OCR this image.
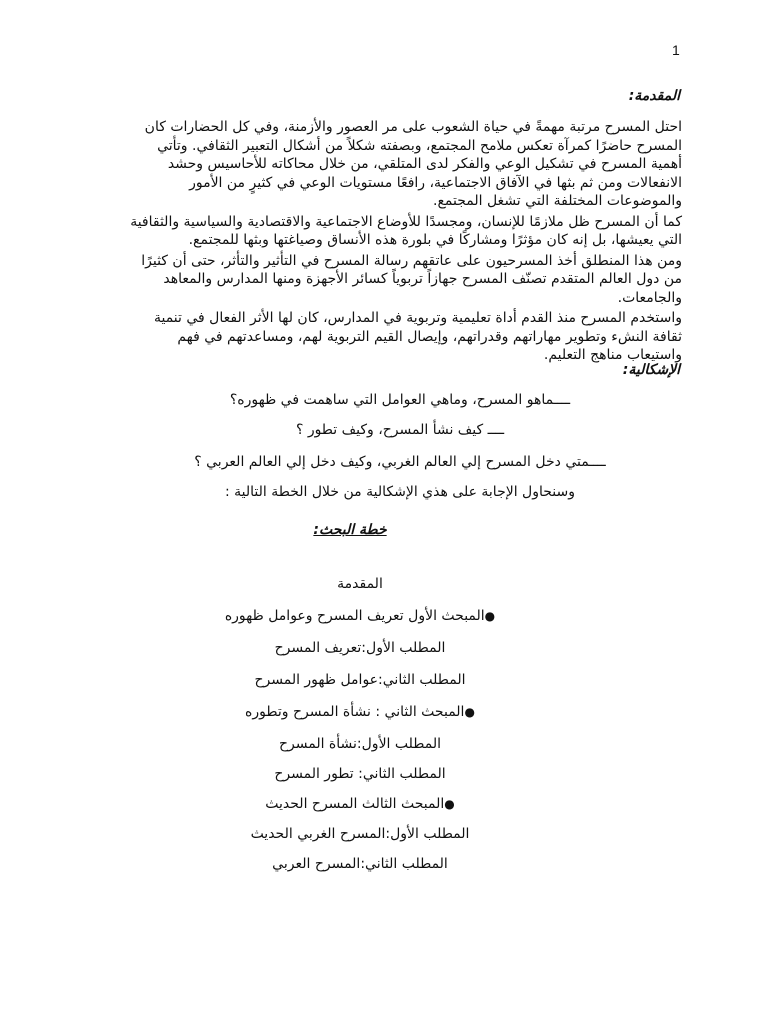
1
المقدمة:

احتل المسرح مرتبة مهمةً في حياة الشعوب على مر العصور والأزمنة، وفي كل الحضارات كان المسرح حاضرًا كمرآة تعكس ملامح المجتمع، وبصفته شكلاً من أشكال التعبير الثقافي. وتأتي أهمية المسرح في تشكيل الوعي والفكر لدى المتلقي، من خلال محاكاته للأحاسيس وحشد الانفعالات ومن ثم بثها في الآفاق الاجتماعية، رافعًا مستويات الوعي في كثيرٍ من الأمور والموضوعات المختلفة التي تشغل المجتمع.

كما أن المسرح ظل ملازمًا للإنسان، ومجسدًا للأوضاع الاجتماعية والاقتصادية والسياسية والثقافية التي يعيشها، بل إنه كان مؤثرًا ومشاركًا في بلورة هذه الأنساق وصياغتها وبثها للمجتمع.

ومن هذا المنطلق أخذ المسرحيون على عاتقهم رسالة المسرح في التأثير والتأثر، حتى أن كثيرًا من دول العالم المتقدم تصنّف المسرح جهازاً تربوياً كسائر الأجهزة ومنها المدارس والمعاهد والجامعات.

واستخدم المسرح منذ القدم أداة تعليمية وتربوية في المدارس، كان لها الأثر الفعال في تنمية ثقافة النشء وتطوير مهاراتهم وقدراتهم، وإيصال القيم التربوية لهم، ومساعدتهم في فهم واستيعاب مناهج التعليم.

الإشكالية:
ــــماهو المسرح، وماهي العوامل التي ساهمت في ظهوره؟
ــــ كيف نشأ المسرح، وكيف تطور ؟
ــــمتي دخل المسرح إلي العالم الغربي، وكيف دخل إلي العالم العربي ؟
وسنحاول الإجابة على هذي الإشكالية من خلال الخطة التالية :
خطة البحث:
المقدمة
●المبحث الأول تعريف المسرح وعوامل ظهوره
المطلب الأول:تعريف المسرح
المطلب الثاني:عوامل ظهور المسرح
●المبحث الثاني : نشأة المسرح وتطوره
المطلب الأول:نشأة المسرح
المطلب الثاني: تطور المسرح
●المبحث الثالث المسرح الحديث
المطلب الأول:المسرح الغربي الحديث
المطلب الثاني:المسرح العربي
